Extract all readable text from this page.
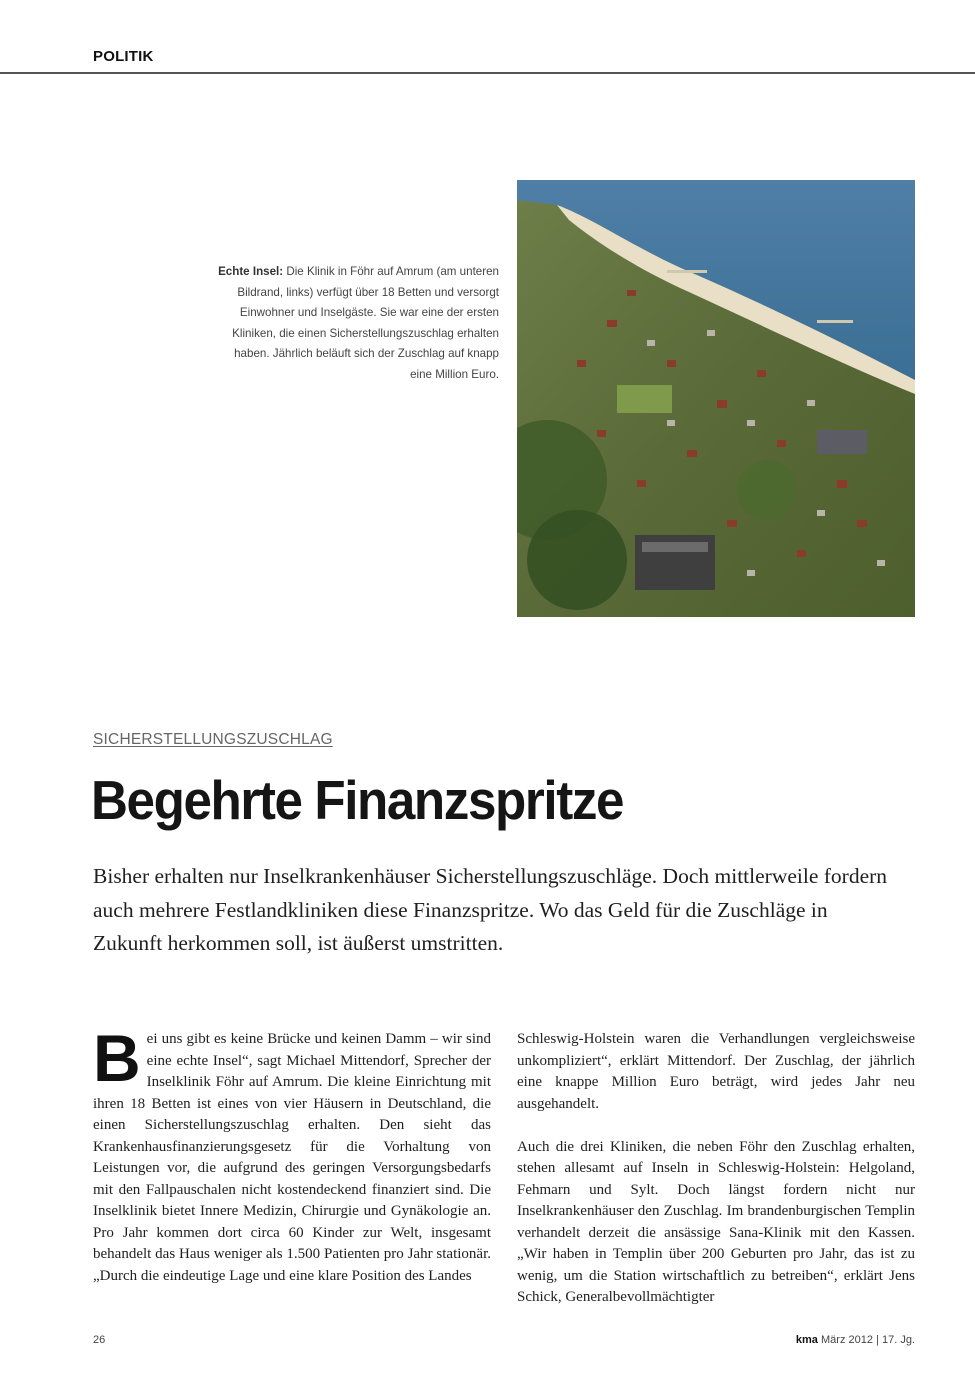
POLITIK
Echte Insel: Die Klinik in Föhr auf Amrum (am unteren Bildrand, links) verfügt über 18 Betten und versorgt Einwohner und Inselgäste. Sie war eine der ersten Kliniken, die einen Sicherstellungszuschlag erhalten haben. Jährlich beläuft sich der Zuschlag auf knapp eine Million Euro.
SICHERSTELLUNGSZUSCHLAG
Begehrte Finanzspritze
Bisher erhalten nur Inselkrankenhäuser Sicherstellungszuschläge. Doch mittlerweile fordern auch mehrere Festlandkliniken diese Finanzspritze. Wo das Geld für die Zuschläge in Zukunft herkommen soll, ist äußerst umstritten.

Bei uns gibt es keine Brücke und keinen Damm – wir sind eine echte Insel“, sagt Michael Mittendorf, Sprecher der Inselklinik Föhr auf Amrum. Die kleine Einrichtung mit ihren 18 Betten ist eines von vier Häusern in Deutschland, die einen Sicherstellungszuschlag erhalten. Den sieht das Krankenhausfinanzierungsgesetz für die Vorhaltung von Leistungen vor, die aufgrund des geringen Versorgungsbedarfs mit den Fallpauschalen nicht kostendeckend finanziert sind. Die Inselklinik bietet Innere Medizin, Chirurgie und Gynäkologie an. Pro Jahr kommen dort circa 60 Kinder zur Welt, insgesamt behandelt das Haus weniger als 1.500 Patienten pro Jahr stationär. „Durch die eindeutige Lage und eine klare Position des Landes

Schleswig-Holstein waren die Verhandlungen vergleichsweise unkompliziert“, erklärt Mittendorf. Der Zuschlag, der jährlich eine knappe Million Euro beträgt, wird jedes Jahr neu ausgehandelt.

Auch die drei Kliniken, die neben Föhr den Zuschlag erhalten, stehen allesamt auf Inseln in Schleswig-Holstein: Helgoland, Fehmarn und Sylt. Doch längst fordern nicht nur Inselkrankenhäuser den Zuschlag. Im brandenburgischen Templin verhandelt derzeit die ansässige Sana-Klinik mit den Kassen. „Wir haben in Templin über 200 Geburten pro Jahr, das ist zu wenig, um die Station wirtschaftlich zu betreiben“, erklärt Jens Schick, Generalbevollmächtigter

26	kma März 2012 | 17. Jg.
